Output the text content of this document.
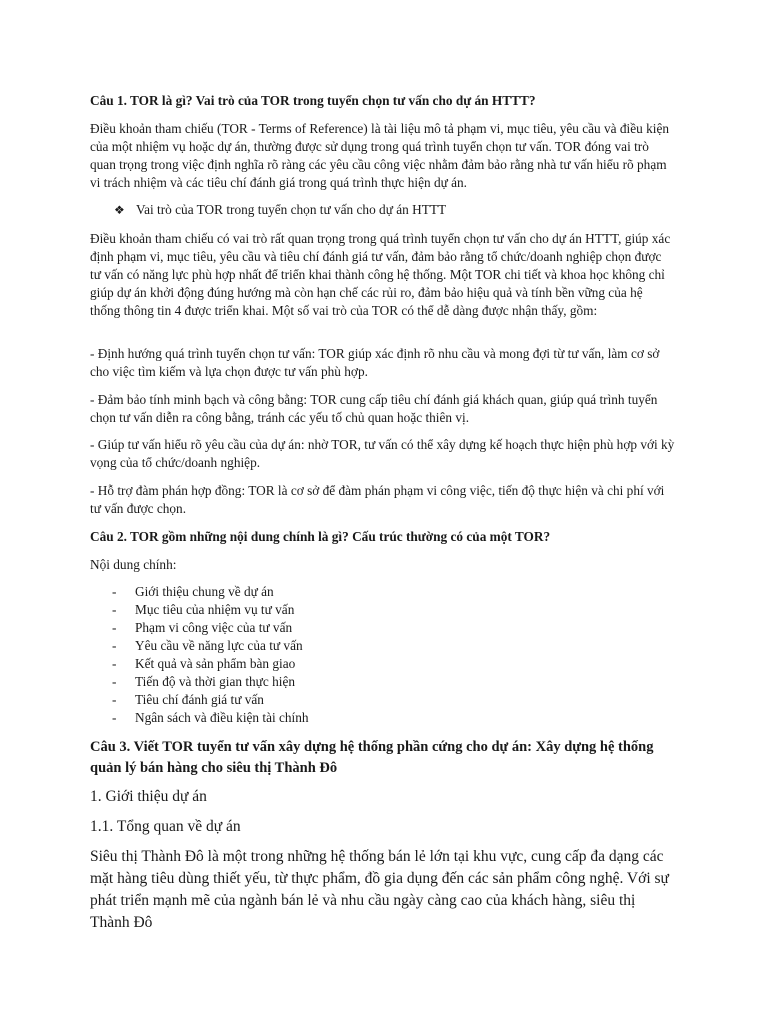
Câu 1. TOR là gì? Vai trò của TOR trong tuyển chọn tư vấn cho dự án HTTT?

Điều khoản tham chiếu (TOR - Terms of Reference) là tài liệu mô tả phạm vi, mục tiêu, yêu cầu và điều kiện của một nhiệm vụ hoặc dự án, thường được sử dụng trong quá trình tuyển chọn tư vấn. TOR đóng vai trò quan trọng trong việc định nghĩa rõ ràng các yêu cầu công việc nhằm đảm bảo rằng nhà tư vấn hiểu rõ phạm vi trách nhiệm và các tiêu chí đánh giá trong quá trình thực hiện dự án.

❖ Vai trò của TOR trong tuyển chọn tư vấn cho dự án HTTT

Điều khoản tham chiếu có vai trò rất quan trọng trong quá trình tuyển chọn tư vấn cho dự án HTTT, giúp xác định phạm vi, mục tiêu, yêu cầu và tiêu chí đánh giá tư vấn, đảm bảo rằng tổ chức/doanh nghiệp chọn được tư vấn có năng lực phù hợp nhất để triển khai thành công hệ thống. Một TOR chi tiết và khoa học không chỉ giúp dự án khởi động đúng hướng mà còn hạn chế các rủi ro, đảm bảo hiệu quả và tính bền vững của hệ thống thông tin 4 được triển khai. Một số vai trò của TOR có thể dễ dàng được nhận thấy, gồm:

- Định hướng quá trình tuyển chọn tư vấn: TOR giúp xác định rõ nhu cầu và mong đợi từ tư vấn, làm cơ sở cho việc tìm kiếm và lựa chọn được tư vấn phù hợp.

- Đảm bảo tính minh bạch và công bằng: TOR cung cấp tiêu chí đánh giá khách quan, giúp quá trình tuyển chọn tư vấn diễn ra công bằng, tránh các yếu tố chủ quan hoặc thiên vị.

- Giúp tư vấn hiểu rõ yêu cầu của dự án: nhờ TOR, tư vấn có thể xây dựng kế hoạch thực hiện phù hợp với kỳ vọng của tổ chức/doanh nghiệp.

- Hỗ trợ đàm phán hợp đồng: TOR là cơ sở để đàm phán phạm vi công việc, tiến độ thực hiện và chi phí với tư vấn được chọn.

Câu 2. TOR gồm những nội dung chính là gì? Cấu trúc thường có của một TOR?

Nội dung chính:

-	Giới thiệu chung về dự án
-	Mục tiêu của nhiệm vụ tư vấn
-	Phạm vi công việc của tư vấn
-	Yêu cầu về năng lực của tư vấn
-	Kết quả và sản phẩm bàn giao
-	Tiến độ và thời gian thực hiện
-	Tiêu chí đánh giá tư vấn
-	Ngân sách và điều kiện tài chính

Câu 3. Viết TOR tuyển tư vấn xây dựng hệ thống phần cứng cho dự án: Xây dựng hệ thống quản lý bán hàng cho siêu thị Thành Đô

1. Giới thiệu dự án

1.1. Tổng quan về dự án

Siêu thị Thành Đô là một trong những hệ thống bán lẻ lớn tại khu vực, cung cấp đa dạng các mặt hàng tiêu dùng thiết yếu, từ thực phẩm, đồ gia dụng đến các sản phẩm công nghệ. Với sự phát triển mạnh mẽ của ngành bán lẻ và nhu cầu ngày càng cao của khách hàng, siêu thị Thành Đô
